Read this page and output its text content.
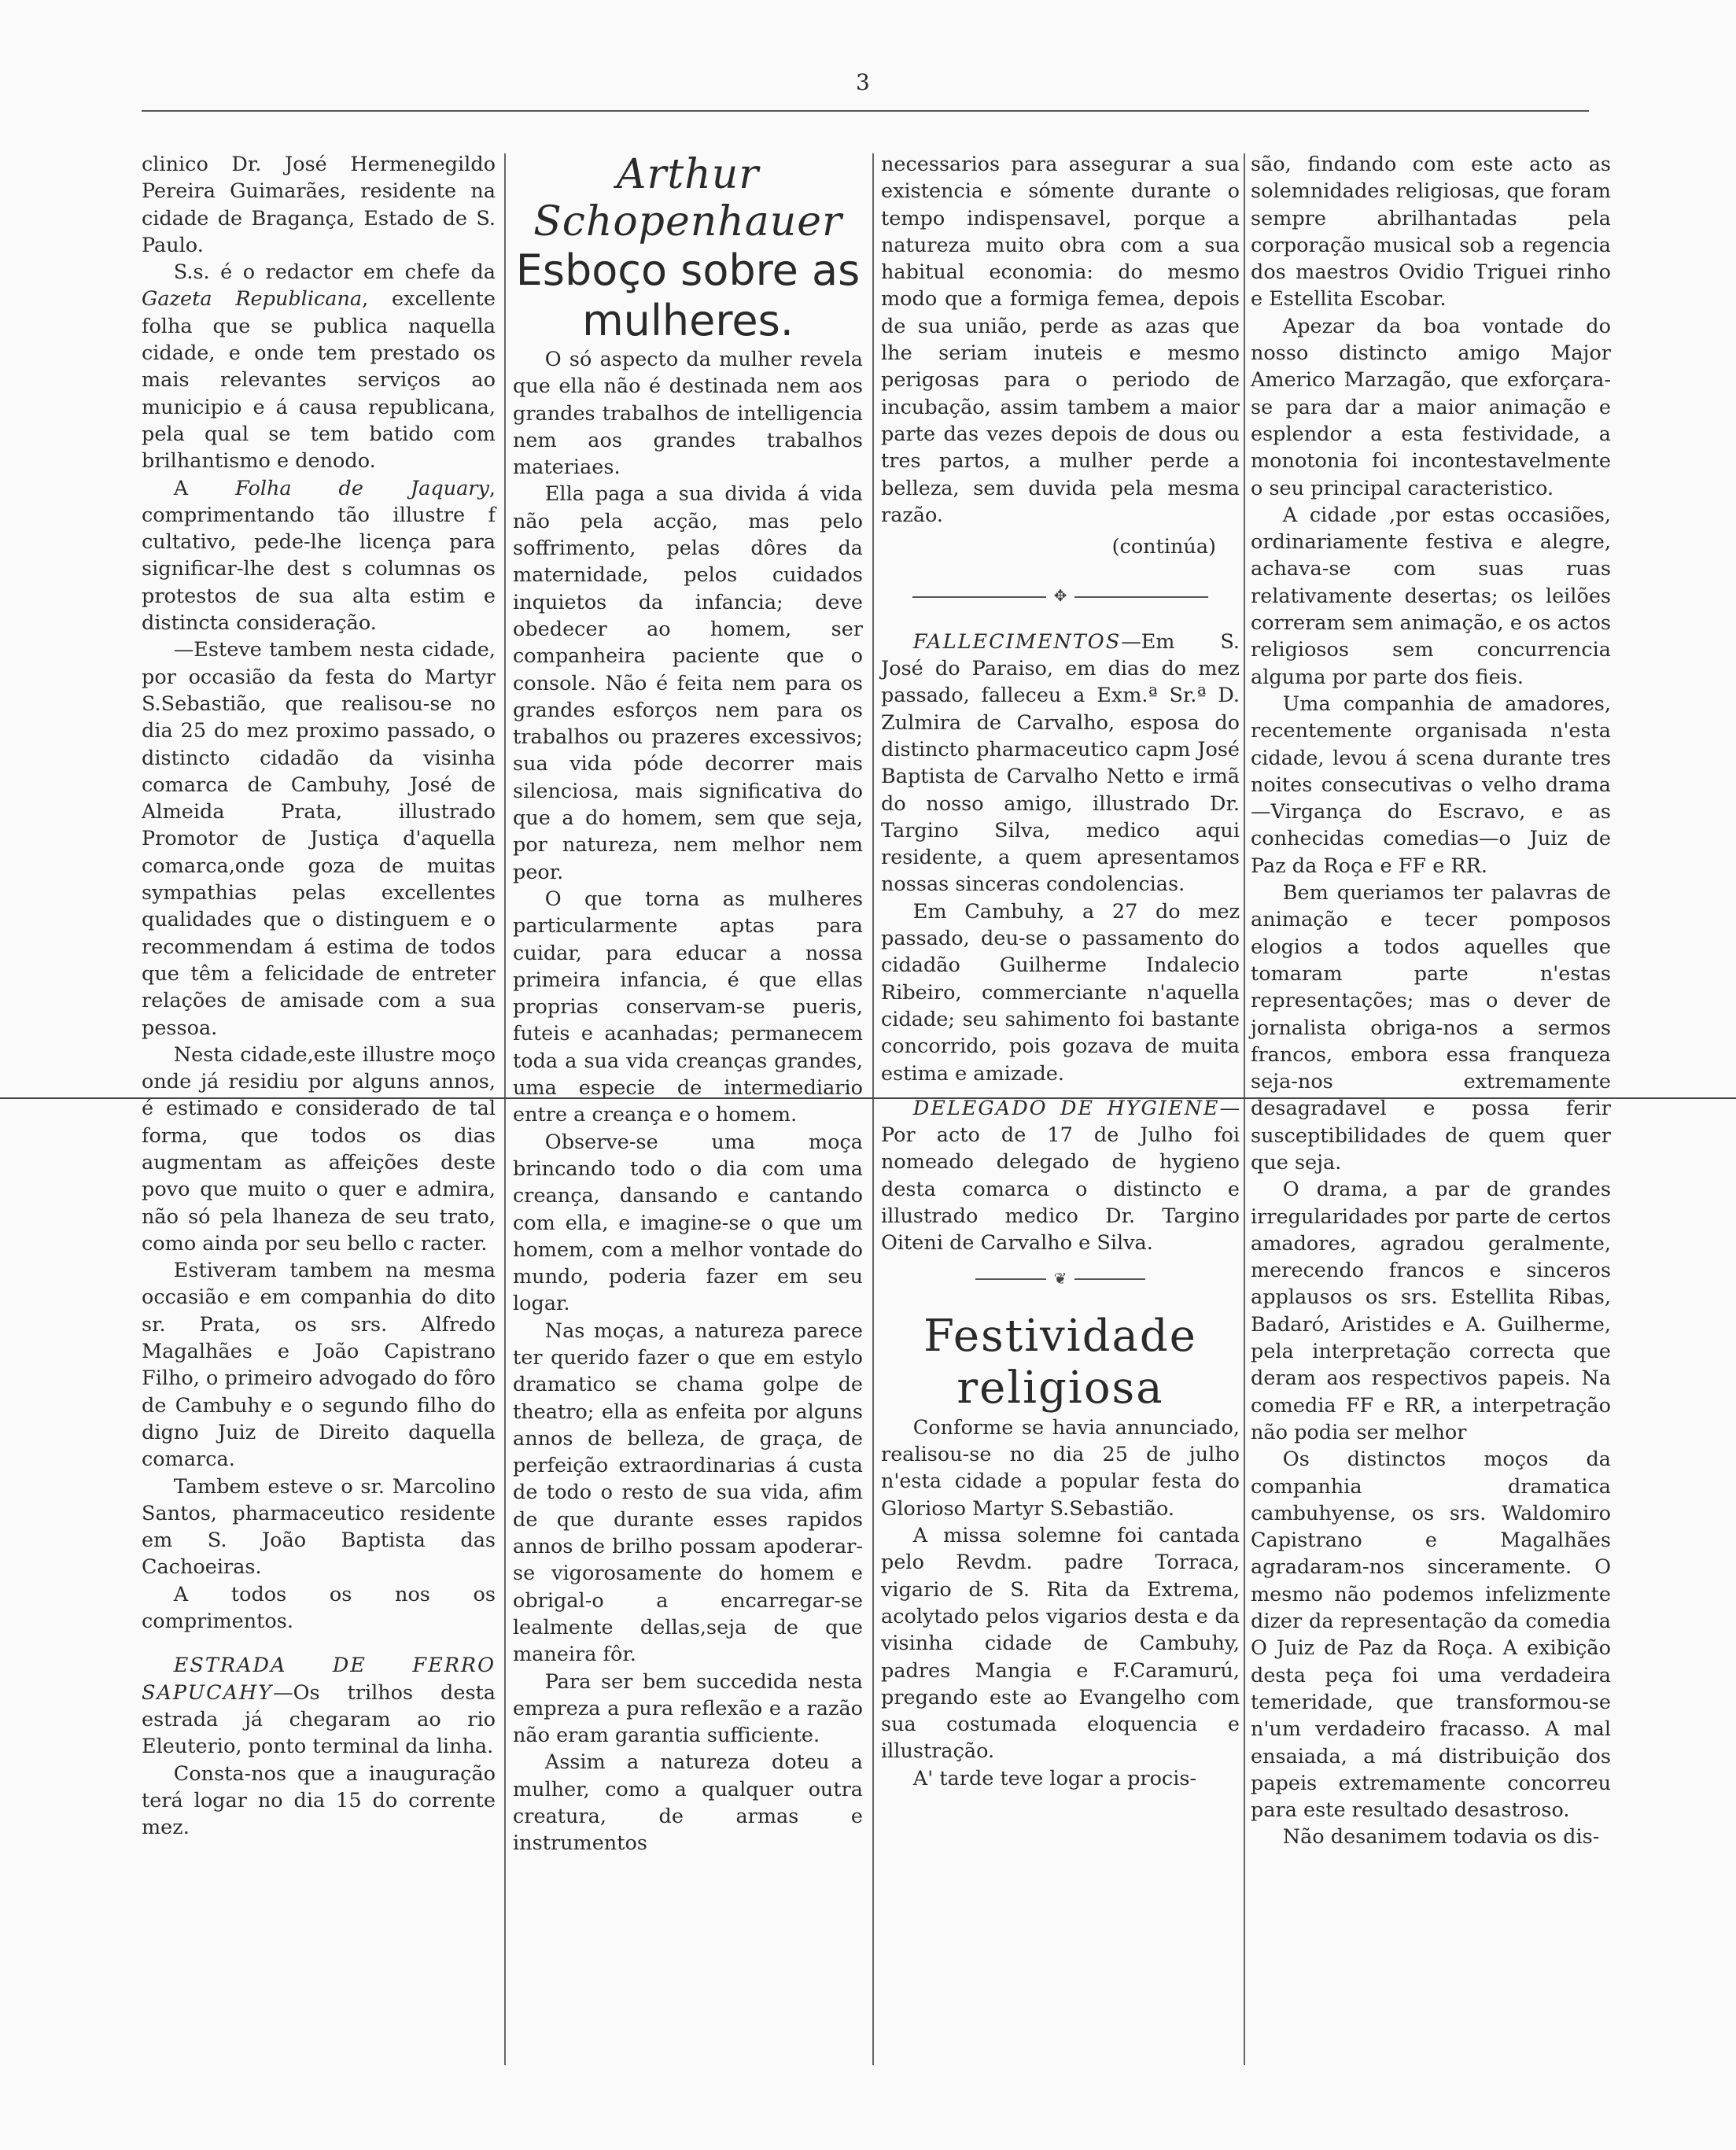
3

clinico Dr. José Hermenegildo Pereira Guimarães, residente na cidade de Bragança, Estado de S. Paulo.

S.s. é o redactor em chefe da Gazeta Republicana, excellente folha que se publica naquella cidade, e onde tem prestado os mais relevantes serviços ao municipio e á causa republicana, pela qual se tem batido com brilhantismo e denodo.

A Folha de Jaquary, comprimentando tão illustre f cultativo, pede-lhe licença para significar-lhe dest s columnas os protestos de sua alta estim e distincta consideração.

—Esteve tambem nesta cidade, por occasião da festa do Martyr S.Sebastião, que realisou-se no dia 25 do mez proximo passado, o distincto cidadão da visinha comarca de Cambuhy, José de Almeida Prata, illustrado Promotor de Justiça d'aquella comarca,onde goza de muitas sympathias pelas excellentes qualidades que o distinguem e o recommendam á estima de todos que têm a felicidade de entreter relações de amisade com a sua pessoa.

Nesta cidade,este illustre moço onde já residiu por alguns annos, é estimado e considerado de tal forma, que todos os dias augmentam as affeições deste povo que muito o quer e admira, não só pela lhaneza de seu trato, como ainda por seu bello c racter.

Estiveram tambem na mesma occasião e em companhia do dito sr. Prata, os srs. Alfredo Magalhães e João Capistrano Filho, o primeiro advogado do fôro de Cambuhy e o segundo filho do digno Juiz de Direito daquella comarca.

Tambem esteve o sr. Marcolino Santos, pharmaceutico residente em S. João Baptista das Cachoeiras.

A todos os nos os comprimentos.

ESTRADA DE FERRO SAPUCAHY—Os trilhos desta estrada já chegaram ao rio Eleuterio, ponto terminal da linha.

Consta-nos que a inauguração terá logar no dia 15 do corrente mez.

Arthur Schopenhauer

Esboço sobre as mulheres.

O só aspecto da mulher revela que ella não é destinada nem aos grandes trabalhos de intelligencia nem aos grandes trabalhos materiaes.

Ella paga a sua divida á vida não pela acção, mas pelo soffrimento, pelas dôres da maternidade, pelos cuidados inquietos da infancia; deve obedecer ao homem, ser companheira paciente que o console. Não é feita nem para os grandes esforços nem para os trabalhos ou prazeres excessivos; sua vida póde decorrer mais silenciosa, mais significativa do que a do homem, sem que seja, por natureza, nem melhor nem peor.

O que torna as mulheres particularmente aptas para cuidar, para educar a nossa primeira infancia, é que ellas proprias conservam-se pueris, futeis e acanhadas; permanecem toda a sua vida creanças grandes, uma especie de intermediario entre a creança e o homem.

Observe-se uma moça brincando todo o dia com uma creança, dansando e cantando com ella, e imagine-se o que um homem, com a melhor vontade do mundo, poderia fazer em seu logar.

Nas moças, a natureza parece ter querido fazer o que em estylo dramatico se chama golpe de theatro; ella as enfeita por alguns annos de belleza, de graça, de perfeição extraordinarias á custa de todo o resto de sua vida, afim de que durante esses rapidos annos de brilho possam apoderar-se vigorosamente do homem e obrigal-o a encarregar-se lealmente dellas,seja de que maneira fôr.

Para ser bem succedida nesta emprezа a pura reflexão e a razão não eram garantia sufficiente.

Assim a natureza doteu a mulher, como a qualquer outra creatura, de armas e instrumentos

necessarios para assegurar a sua existencia e sómente durante o tempo indispensavel, porque a natureza muito obra com a sua habitual economia: do mesmo modo que a formiga femea, depois de sua união, perde as azas que lhe seriam inuteis e mesmo perigosas para o periodo de incubação, assim tambem a maior parte das vezes depois de dous ou tres partos, a mulher perde a belleza, sem duvida pela mesma razão.

(continúa)

✥

FALLECIMENTOS—Em S. José do Paraiso, em dias do mez passado, falleceu a Exm.ª Sr.ª D. Zulmira de Carvalho, esposa do distincto pharmaceutico capm José Baptista de Carvalho Netto e irmã do nosso amigo, illustrado Dr. Targino Silva, medico aqui residente, a quem apresentamos nossas sinceras condolencias.

Em Cambuhy, a 27 do mez passado, deu-se o passamento do cidadão Guilherme Indalecio Ribeiro, commerciante n'aquella cidade; seu sahimento foi bastante concorrido, pois gozava de muita estima e amizade.

DELEGADO DE HYGIENE—Por acto de 17 de Julho foi nomeado delegado de hygieno desta comarca o distincto e illustrado medico Dr. Targino Oiteni de Carvalho e Silva.

❦

Festividade religiosa

Conforme se havia annunciado, realisou-se no dia 25 de julho n'esta cidade a popular festa do Glorioso Martyr S.Sebastião.

A missa solemne foi cantada pelo Revdm. padre Torraca, vigario de S. Rita da Extrema, acolytado pelos vigarios desta e da visinha cidade de Cambuhy, padres Mangia e F.Caramurú, pregando este ao Evangelho com sua costumada eloquencia e illustração.

A' tarde teve logar a procis-

são, findando com este acto as solemnidades religiosas, que foram sempre abrilhantadas pela corporação musical sob a regencia dos maestros Ovidio Triguei rinho e Estellita Escobar.

Apezar da boa vontade do nosso distincto amigo Major Americo Marzagão, que exforçara-se para dar a maior animação e esplendor a esta festividade, a monotonia foi incontestavelmente o seu principal caracteristico.

A cidade ,por estas occasiões, ordinariamente festiva e alegre, achava-se com suas ruas relativamente desertas; os leilões correram sem animação, e os actos religiosos sem concurrencia alguma por parte dos fieis.

Uma companhia de amadores, recentemente organisada n'esta cidade, levou á scena durante tres noites consecutivas o velho drama—Virgança do Escravo, e as conhecidas comedias—o Juiz de Paz da Roça e FF e RR.

Bem queriamos ter palavras de animação e tecer pomposos elogios a todos aquelles que tomaram parte n'estas representações; mas o dever de jornalista obriga-nos a sermos francos, embora essa franqueza seja-nos extremamente desagradavel e possa ferir susceptibilidades de quem quer que seja.

O drama, a par de grandes irregularidades por parte de certos amadores, agradou geralmente, merecendo francos e sinceros applausos os srs. Estellita Ribas, Badaró, Aristides e A. Guilherme, pela interpretação correcta que deram aos respectivos papeis. Na comedia FF e RR, a interpetração não podia ser melhor

Os distinctos moços da companhia dramatica cambuhyense, os srs. Waldomiro Capistrano e Magalhães agradaram-nos sinceramente. O mesmo não podemos infelizmente dizer da representação da comedia O Juiz de Paz da Roça. A exibição desta peça foi uma verdadeira temeridade, que transformou-se n'um verdadeiro fracasso. A mal ensaiada, a má distribuição dos papeis extremamente concorreu para este resultado desastroso.

Não desanimem todavia os dis-
